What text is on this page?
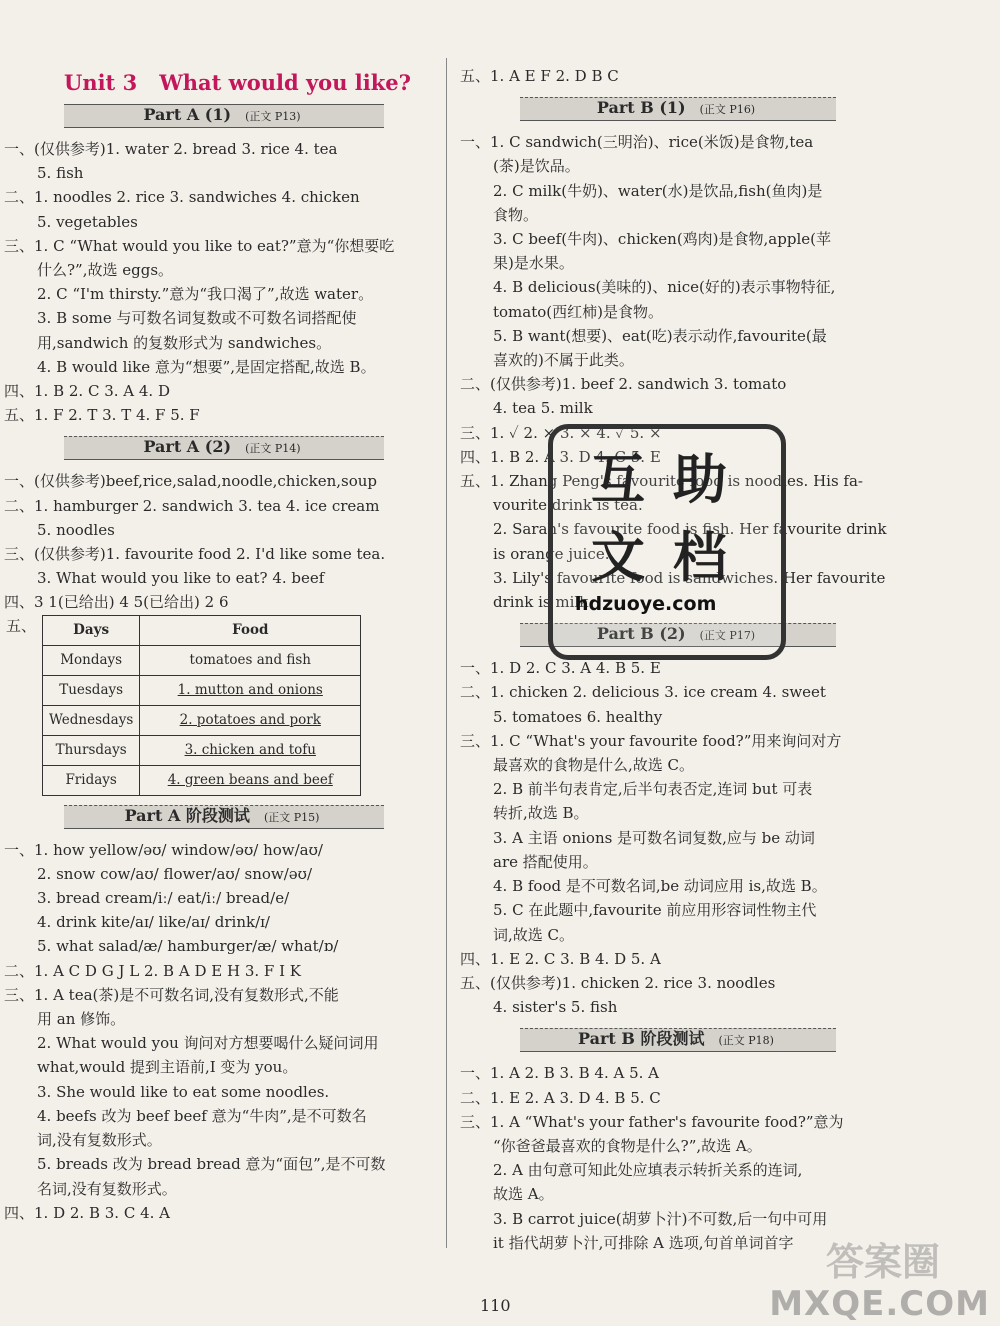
Unit 3 What would you like?
Part A (1) (正文 P13)
一、(仅供参考)1. water 2. bread 3. rice 4. tea
5. fish
二、1. noodles 2. rice 3. sandwiches 4. chicken
5. vegetables
三、1. C “What would you like to eat?”意为“你想要吃
什么?”,故选 eggs。
2. C “I'm thirsty.”意为“我口渴了”,故选 water。
3. B some 与可数名词复数或不可数名词搭配使
用,sandwich 的复数形式为 sandwiches。
4. B would like 意为“想要”,是固定搭配,故选 B。
四、1. B 2. C 3. A 4. D
五、1. F 2. T 3. T 4. F 5. F
Part A (2) (正文 P14)
一、(仅供参考)beef,rice,salad,noodle,chicken,soup
二、1. hamburger 2. sandwich 3. tea 4. ice cream
5. noodles
三、(仅供参考)1. favourite food 2. I'd like some tea.
3. What would you like to eat? 4. beef
四、3 1(已给出) 4 5(已给出) 2 6
五、	Days	Food
Mondays	tomatoes and fish
Tuesdays	1. mutton and onions
Wednesdays	2. potatoes and pork
Thursdays	3. chicken and tofu
Fridays	4. green beans and beef
Part A 阶段测试 (正文 P15)
一、1. how yellow/əʊ/ window/əʊ/ how/aʊ/
2. snow cow/aʊ/ flower/aʊ/ snow/əʊ/
3. bread cream/iː/ eat/iː/ bread/e/
4. drink kite/aɪ/ like/aɪ/ drink/ɪ/
5. what salad/æ/ hamburger/æ/ what/ɒ/
二、1. A C D G J L 2. B A D E H 3. F I K
三、1. A tea(茶)是不可数名词,没有复数形式,不能
用 an 修饰。
2. What would you 询问对方想要喝什么疑问词用
what,would 提到主语前,I 变为 you。
3. She would like to eat some noodles.
4. beefs 改为 beef beef 意为“牛肉”,是不可数名
词,没有复数形式。
5. breads 改为 bread bread 意为“面包”,是不可数
名词,没有复数形式。
四、1. D 2. B 3. C 4. A
五、1. A E F 2. D B C
Part B (1) (正文 P16)
一、1. C sandwich(三明治)、rice(米饭)是食物,tea
(茶)是饮品。
2. C milk(牛奶)、water(水)是饮品,fish(鱼肉)是
食物。
3. C beef(牛肉)、chicken(鸡肉)是食物,apple(苹
果)是水果。
4. B delicious(美味的)、nice(好的)表示事物特征,
tomato(西红柿)是食物。
5. B want(想要)、eat(吃)表示动作,favourite(最
喜欢的)不属于此类。
二、(仅供参考)1. beef 2. sandwich 3. tomato
4. tea 5. milk
三、1. ✓ 2. × 3. × 4. ✓ 5. ×
四、1. B 2. A 3. D 4. C 5. E
五、1. Zhang Peng's favourite food is noodles. His fa-
vourite drink is tea.
2. Sarah's favourite food is fish. Her favourite drink
is orange juice.
3. Lily's favourite food is sandwiches. Her favourite
drink is milk.
Part B (2) (正文 P17)
一、1. D 2. C 3. A 4. B 5. E
二、1. chicken 2. delicious 3. ice cream 4. sweet
5. tomatoes 6. healthy
三、1. C “What's your favourite food?”用来询问对方
最喜欢的食物是什么,故选 C。
2. B 前半句表肯定,后半句表否定,连词 but 可表
转折,故选 B。
3. A 主语 onions 是可数名词复数,应与 be 动词
are 搭配使用。
4. B food 是不可数名词,be 动词应用 is,故选 B。
5. C 在此题中,favourite 前应用形容词性物主代
词,故选 C。
四、1. E 2. C 3. B 4. D 5. A
五、(仅供参考)1. chicken 2. rice 3. noodles
4. sister's 5. fish
Part B 阶段测试 (正文 P18)
一、1. A 2. B 3. B 4. A 5. A
二、1. E 2. A 3. D 4. B 5. C
三、1. A “What's your father's favourite food?”意为
“你爸爸最喜欢的食物是什么?”,故选 A。
2. A 由句意可知此处应填表示转折关系的连词,
故选 A。
3. B carrot juice(胡萝卜汁)不可数,后一句中可用
it 指代胡萝卜汁,可排除 A 选项,句首单词首字
互 助
文 档
hdzuoye.com
110
答案圈
MXQE.COM
